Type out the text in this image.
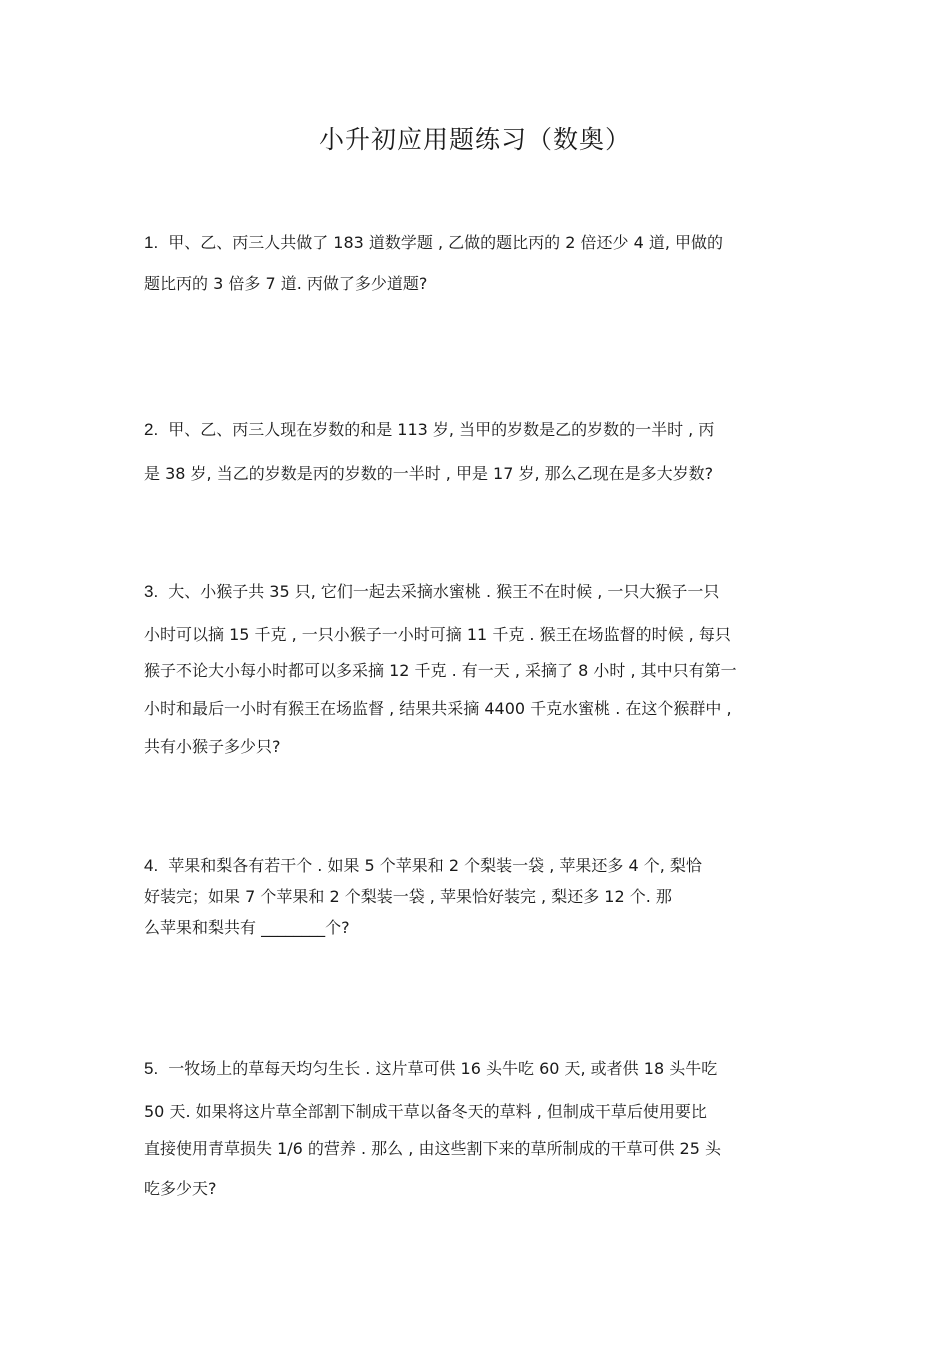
小升初应用题练习（数奥）
1. 甲、乙、丙三人共做了 183 道数学题 , 乙做的题比丙的 2 倍还少 4 道, 甲做的
题比丙的 3 倍多 7 道. 丙做了多少道题?
2. 甲、乙、丙三人现在岁数的和是 113 岁, 当甲的岁数是乙的岁数的一半时 , 丙
是 38 岁, 当乙的岁数是丙的岁数的一半时 , 甲是 17 岁, 那么乙现在是多大岁数?
3. 大、小猴子共 35 只, 它们一起去采摘水蜜桃 . 猴王不在时候 , 一只大猴子一只
小时可以摘 15 千克 , 一只小猴子一小时可摘 11 千克 . 猴王在场监督的时候 , 每只
猴子不论大小每小时都可以多采摘 12 千克 . 有一天 , 采摘了 8 小时 , 其中只有第一
小时和最后一小时有猴王在场监督 , 结果共采摘 4400 千克水蜜桃 . 在这个猴群中 ,
共有小猴子多少只?
4. 苹果和梨各有若干个 . 如果 5 个苹果和 2 个梨装一袋 , 苹果还多 4 个, 梨恰
好装完；如果 7 个苹果和 2 个梨装一袋 , 苹果恰好装完 , 梨还多 12 个. 那
么苹果和梨共有 ________个?
5. 一牧场上的草每天均匀生长 . 这片草可供 16 头牛吃 60 天, 或者供 18 头牛吃
50 天. 如果将这片草全部割下制成干草以备冬天的草料 , 但制成干草后使用要比
直接使用青草损失 1/6 的营养 . 那么 , 由这些割下来的草所制成的干草可供 25 头
吃多少天?
